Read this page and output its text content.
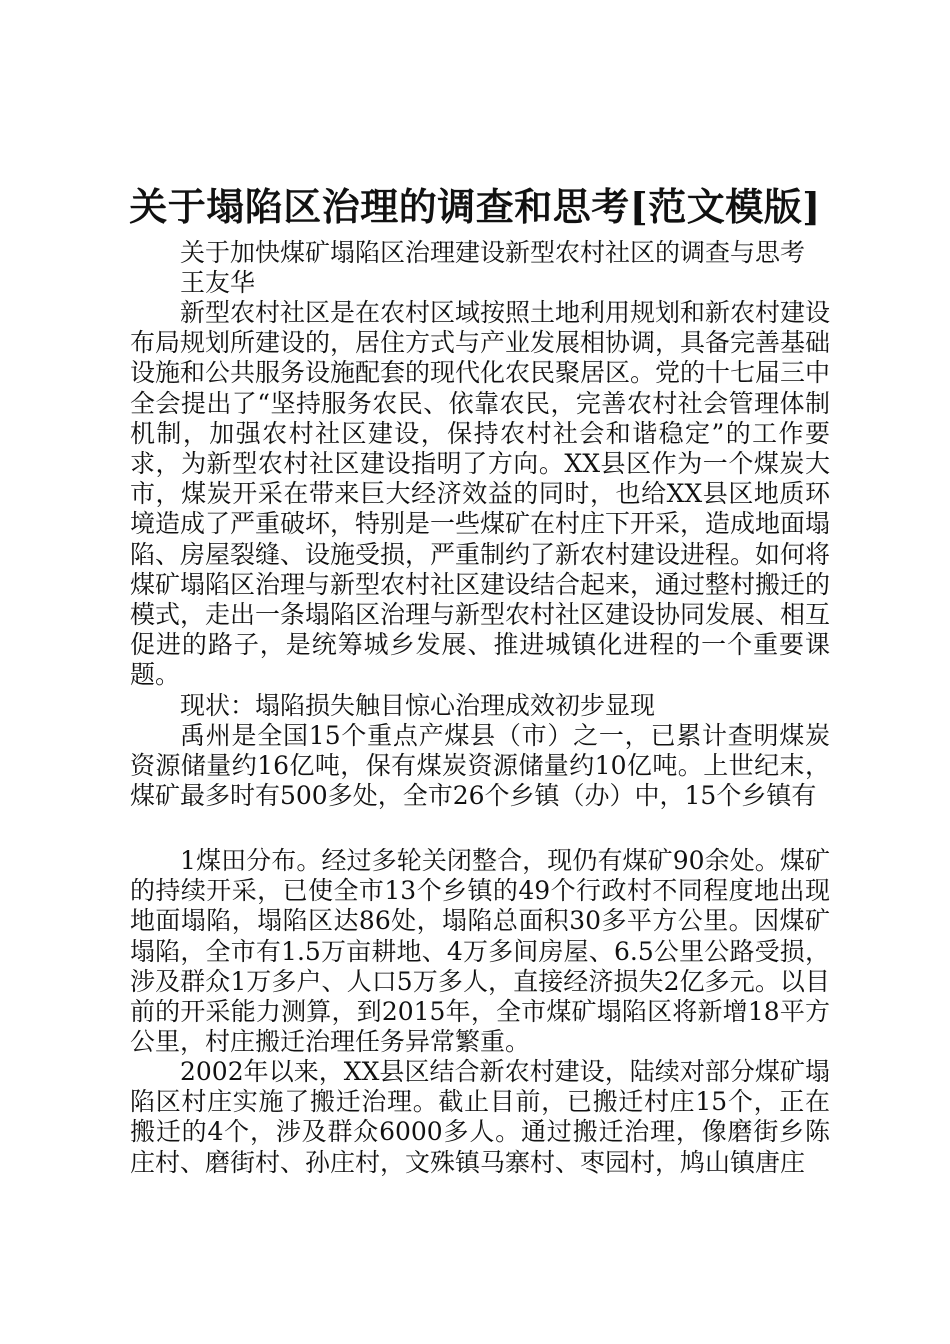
关于塌陷区治理的调查和思考[范文模版]
关于加快煤矿塌陷区治理建设新型农村社区的调查与思考
王友华
新型农村社区是在农村区域按照土地利用规划和新农村建设布局规划所建设的，居住方式与产业发展相协调，具备完善基础设施和公共服务设施配套的现代化农民聚居区。党的十七届三中全会提出了“坚持服务农民、依靠农民，完善农村社会管理体制机制，加强农村社区建设，保持农村社会和谐稳定”的工作要求，为新型农村社区建设指明了方向。XX县区作为一个煤炭大市，煤炭开采在带来巨大经济效益的同时，也给XX县区地质环境造成了严重破坏，特别是一些煤矿在村庄下开采，造成地面塌陷、房屋裂缝、设施受损，严重制约了新农村建设进程。如何将煤矿塌陷区治理与新型农村社区建设结合起来，通过整村搬迁的模式，走出一条塌陷区治理与新型农村社区建设协同发展、相互促进的路子，是统筹城乡发展、推进城镇化进程的一个重要课题。
现状：塌陷损失触目惊心治理成效初步显现
禹州是全国15个重点产煤县（市）之一，已累计查明煤炭资源储量约16亿吨，保有煤炭资源储量约10亿吨。上世纪末，煤矿最多时有500多处，全市26个乡镇（办）中，15个乡镇有
1煤田分布。经过多轮关闭整合，现仍有煤矿90余处。煤矿的持续开采，已使全市13个乡镇的49个行政村不同程度地出现地面塌陷，塌陷区达86处，塌陷总面积30多平方公里。因煤矿塌陷，全市有1.5万亩耕地、4万多间房屋、6.5公里公路受损，涉及群众1万多户、人口5万多人，直接经济损失2亿多元。以目前的开采能力测算，到2015年，全市煤矿塌陷区将新增18平方公里，村庄搬迁治理任务异常繁重。
2002年以来，XX县区结合新农村建设，陆续对部分煤矿塌陷区村庄实施了搬迁治理。截止目前，已搬迁村庄15个，正在搬迁的4个，涉及群众6000多人。通过搬迁治理，像磨街乡陈庄村、磨街村、孙庄村，文殊镇马寨村、枣园村，鸠山镇唐庄
